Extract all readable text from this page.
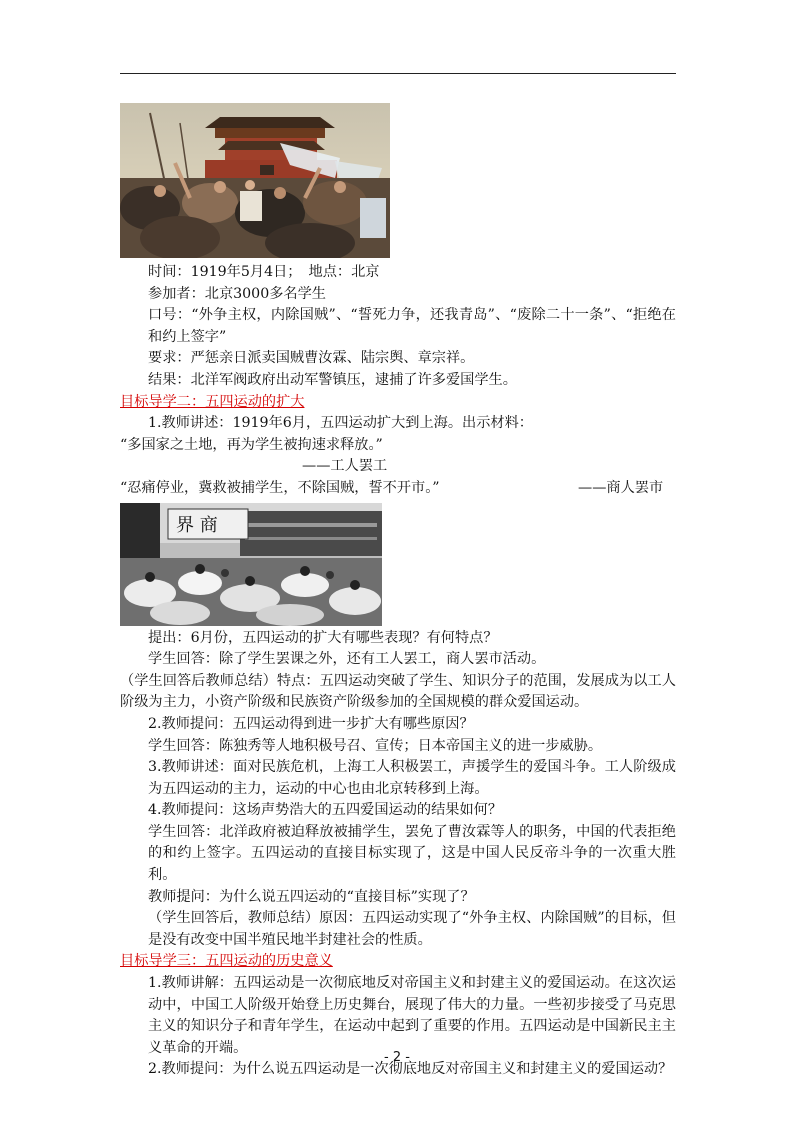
时间：1919年5月4日；　地点：北京

参加者：北京3000多名学生

口号：“外争主权，内除国贼”、“誓死力争，还我青岛”、“废除二十一条”、“拒绝在和约上签字”

要求：严惩亲日派卖国贼曹汝霖、陆宗舆、章宗祥。

结果：北洋军阀政府出动军警镇压，逮捕了许多爱国学生。

目标导学二：五四运动的扩大

1.教师讲述：1919年6月，五四运动扩大到上海。出示材料：

“多国家之土地，再为学生被拘速求释放。”

——工人罢工

“忍痛停业，冀救被捕学生，不除国贼，誓不开市。”	——商人罢市

界 商

提出：6月份，五四运动的扩大有哪些表现？有何特点？

学生回答：除了学生罢课之外，还有工人罢工，商人罢市活动。

（学生回答后教师总结）特点：五四运动突破了学生、知识分子的范围，发展成为以工人阶级为主力，小资产阶级和民族资产阶级参加的全国规模的群众爱国运动。

2.教师提问：五四运动得到进一步扩大有哪些原因？

学生回答：陈独秀等人地积极号召、宣传；日本帝国主义的进一步威胁。

3.教师讲述：面对民族危机，上海工人积极罢工，声援学生的爱国斗争。工人阶级成为五四运动的主力，运动的中心也由北京转移到上海。

4.教师提问：这场声势浩大的五四爱国运动的结果如何？

学生回答：北洋政府被迫释放被捕学生，罢免了曹汝霖等人的职务，中国的代表拒绝的和约上签字。五四运动的直接目标实现了，这是中国人民反帝斗争的一次重大胜利。

教师提问：为什么说五四运动的“直接目标”实现了？

（学生回答后，教师总结）原因：五四运动实现了“外争主权、内除国贼”的目标，但是没有改变中国半殖民地半封建社会的性质。

目标导学三：五四运动的历史意义

1.教师讲解：五四运动是一次彻底地反对帝国主义和封建主义的爱国运动。在这次运动中，中国工人阶级开始登上历史舞台，展现了伟大的力量。一些初步接受了马克思主义的知识分子和青年学生，在运动中起到了重要的作用。五四运动是中国新民主主义革命的开端。

2.教师提问：为什么说五四运动是一次彻底地反对帝国主义和封建主义的爱国运动？

- 2 -
